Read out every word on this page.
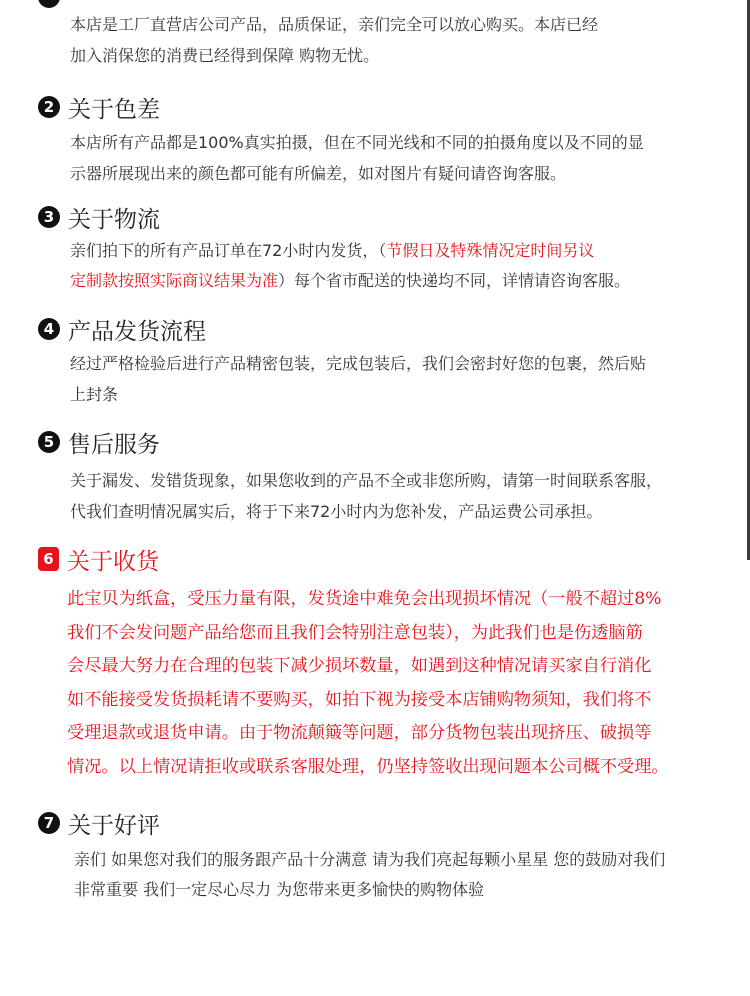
本店是工厂直营店公司产品，品质保证，亲们完全可以放心购买。本店已经
加入消保您的消费已经得到保障 购物无忧。
2 关于色差
本店所有产品都是100%真实拍摄，但在不同光线和不同的拍摄角度以及不同的显
示器所展现出来的颜色都可能有所偏差，如对图片有疑问请咨询客服。
3 关于物流
亲们拍下的所有产品订单在72小时内发货，（节假日及特殊情况定时间另议
定制款按照实际商议结果为准）每个省市配送的快递均不同，详情请咨询客服。
4 产品发货流程
经过严格检验后进行产品精密包装，完成包装后，我们会密封好您的包裹，然后贴
上封条
5 售后服务
关于漏发、发错货现象，如果您收到的产品不全或非您所购，请第一时间联系客服，
代我们查明情况属实后，将于下来72小时内为您补发，产品运费公司承担。
6 关于收货
此宝贝为纸盒，受压力量有限，发货途中难免会出现损坏情况（一般不超过8%
我们不会发问题产品给您而且我们会特别注意包装），为此我们也是伤透脑筋
会尽最大努力在合理的包装下减少损坏数量，如遇到这种情况请买家自行消化
如不能接受发货损耗请不要购买，如拍下视为接受本店铺购物须知，我们将不
受理退款或退货申请。由于物流颠簸等问题，部分货物包装出现挤压、破损等
情况。以上情况请拒收或联系客服处理，仍坚持签收出现问题本公司概不受理。
7 关于好评
亲们 如果您对我们的服务跟产品十分满意 请为我们亮起每颗小星星 您的鼓励对我们
非常重要 我们一定尽心尽力 为您带来更多愉快的购物体验
